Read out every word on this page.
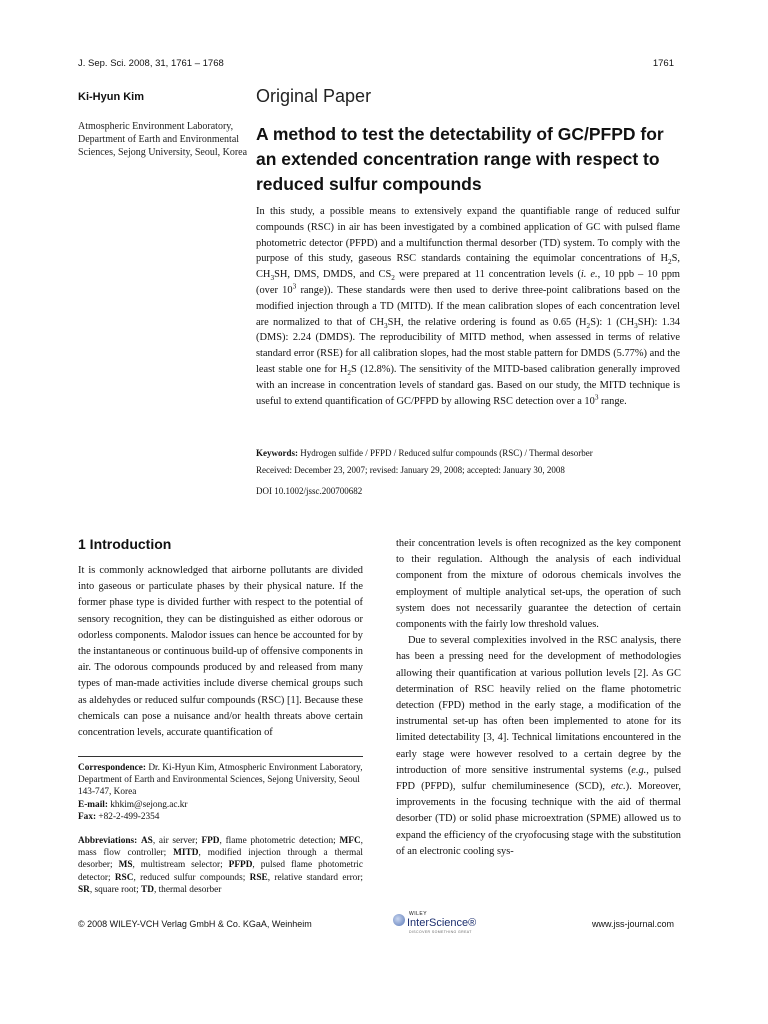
J. Sep. Sci. 2008, 31, 1761 – 1768	1761
Ki-Hyun Kim
Atmospheric Environment Laboratory, Department of Earth and Environmental Sciences, Sejong University, Seoul, Korea
Original Paper
A method to test the detectability of GC/PFPD for an extended concentration range with respect to reduced sulfur compounds
In this study, a possible means to extensively expand the quantifiable range of reduced sulfur compounds (RSC) in air has been investigated by a combined application of GC with pulsed flame photometric detector (PFPD) and a multifunction thermal desorber (TD) system. To comply with the purpose of this study, gaseous RSC standards containing the equimolar concentrations of $H_2S$, $CH_3SH$, DMS, DMDS, and $CS_2$ were prepared at 11 concentration levels (i. e., 10 ppb – 10 ppm (over $10^3$ range)). These standards were then used to derive three-point calibrations based on the modified injection through a TD (MITD). If the mean calibration slopes of each concentration level are normalized to that of $CH_3SH$, the relative ordering is found as 0.65 $(H_2S)$: 1 $(CH_3SH)$: 1.34 (DMS): 2.24 (DMDS). The reproducibility of MITD method, when assessed in terms of relative standard error (RSE) for all calibration slopes, had the most stable pattern for DMDS (5.77%) and the least stable one for $H_2S$ (12.8%). The sensitivity of the MITD-based calibration generally improved with an increase in concentration levels of standard gas. Based on our study, the MITD technique is useful to extend quantification of GC/PFPD by allowing RSC detection over a $10^3$ range.
Keywords: Hydrogen sulfide / PFPD / Reduced sulfur compounds (RSC) / Thermal desorber
Received: December 23, 2007; revised: January 29, 2008; accepted: January 30, 2008
DOI 10.1002/jssc.200700682
1 Introduction

It is commonly acknowledged that airborne pollutants are divided into gaseous or particulate phases by their physical nature. If the former phase type is divided further with respect to the potential of sensory recognition, they can be distinguished as either odorous or odorless components. Malodor issues can hence be accounted for by the instantaneous or continuous build-up of offensive components in air. The odorous compounds produced by and released from many types of man-made activities include diverse chemical groups such as aldehydes or reduced sulfur compounds (RSC) [1]. Because these chemicals can pose a nuisance and/or health threats above certain concentration levels, accurate quantification of

their concentration levels is often recognized as the key component to their regulation. Although the analysis of each individual component from the mixture of odorous chemicals involves the employment of multiple analytical set-ups, the operation of such system does not necessarily guarantee the detection of certain components with the fairly low threshold values.

Due to several complexities involved in the RSC analysis, there has been a pressing need for the development of methodologies allowing their quantification at various pollution levels [2]. As GC determination of RSC heavily relied on the flame photometric detection (FPD) method in the early stage, a modification of the instrumental set-up has often been implemented to atone for its limited detectability [3, 4]. Technical limitations encountered in the early stage were however resolved to a certain degree by the introduction of more sensitive instrumental systems (e.g., pulsed FPD (PFPD), sulfur chemiluminesence (SCD), etc.). Moreover, improvements in the focusing technique with the aid of thermal desorber (TD) or solid phase microextration (SPME) allowed us to expand the efficiency of the cryofocusing stage with the substitution of an electronic cooling sys-

Correspondence: Dr. Ki-Hyun Kim, Atmospheric Environment Laboratory, Department of Earth and Environmental Sciences, Sejong University, Seoul 143-747, Korea
E-mail: khkim@sejong.ac.kr
Fax: +82-2-499-2354
Abbreviations: AS, air server; FPD, flame photometric detection; MFC, mass flow controller; MITD, modified injection through a thermal desorber; MS, multistream selector; PFPD, pulsed flame photometric detector; RSC, reduced sulfur compounds; RSE, relative standard error; SR, square root; TD, thermal desorber
© 2008 WILEY-VCH Verlag GmbH & Co. KGaA, Weinheim
WILEY
InterScience®
DISCOVER SOMETHING GREAT
www.jss-journal.com
